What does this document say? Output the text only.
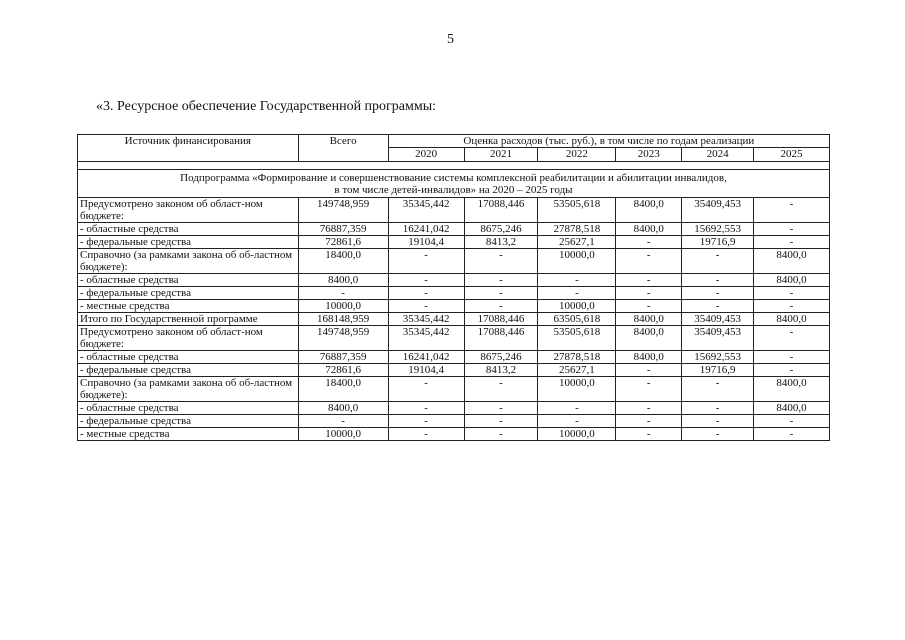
5
«3. Ресурсное обеспечение Государственной программы:
Источник финансирования	Всего	Оценка расходов (тыс. руб.), в том числе по годам реализации					
		2020	2021	2022	2023	2024	2025

Подпрограмма «Формирование и совершенствование системы комплексной реабилитации и абилитации инвалидов,
в том числе детей-инвалидов» на 2020 – 2025 годы							

Предусмотрено законом об област-ном бюджете:	149748,959	35345,442	17088,446	53505,618	8400,0	35409,453	-
- областные средства	76887,359	16241,042	8675,246	27878,518	8400,0	15692,553	-
- федеральные средства	72861,6	19104,4	8413,2	25627,1	-	19716,9	-
Справочно (за рамками закона об об-ластном бюджете):	18400,0	-	-	10000,0	-	-	8400,0
- областные средства	8400,0	-	-	-	-	-	8400,0
- федеральные средства	-	-	-	-	-	-	-
- местные средства	10000,0	-	-	10000,0	-	-	-
Итого по Государственной программе	168148,959	35345,442	17088,446	63505,618	8400,0	35409,453	8400,0
Предусмотрено законом об област-ном бюджете:	149748,959	35345,442	17088,446	53505,618	8400,0	35409,453	-
- областные средства	76887,359	16241,042	8675,246	27878,518	8400,0	15692,553	-
- федеральные средства	72861,6	19104,4	8413,2	25627,1	-	19716,9	-
Справочно (за рамками закона об об-ластном бюджете):	18400,0	-	-	10000,0	-	-	8400,0
- областные средства	8400,0	-	-	-	-	-	8400,0
- федеральные средства	-	-	-	-	-	-	-
- местные средства	10000,0	-	-	10000,0	-	-	-
